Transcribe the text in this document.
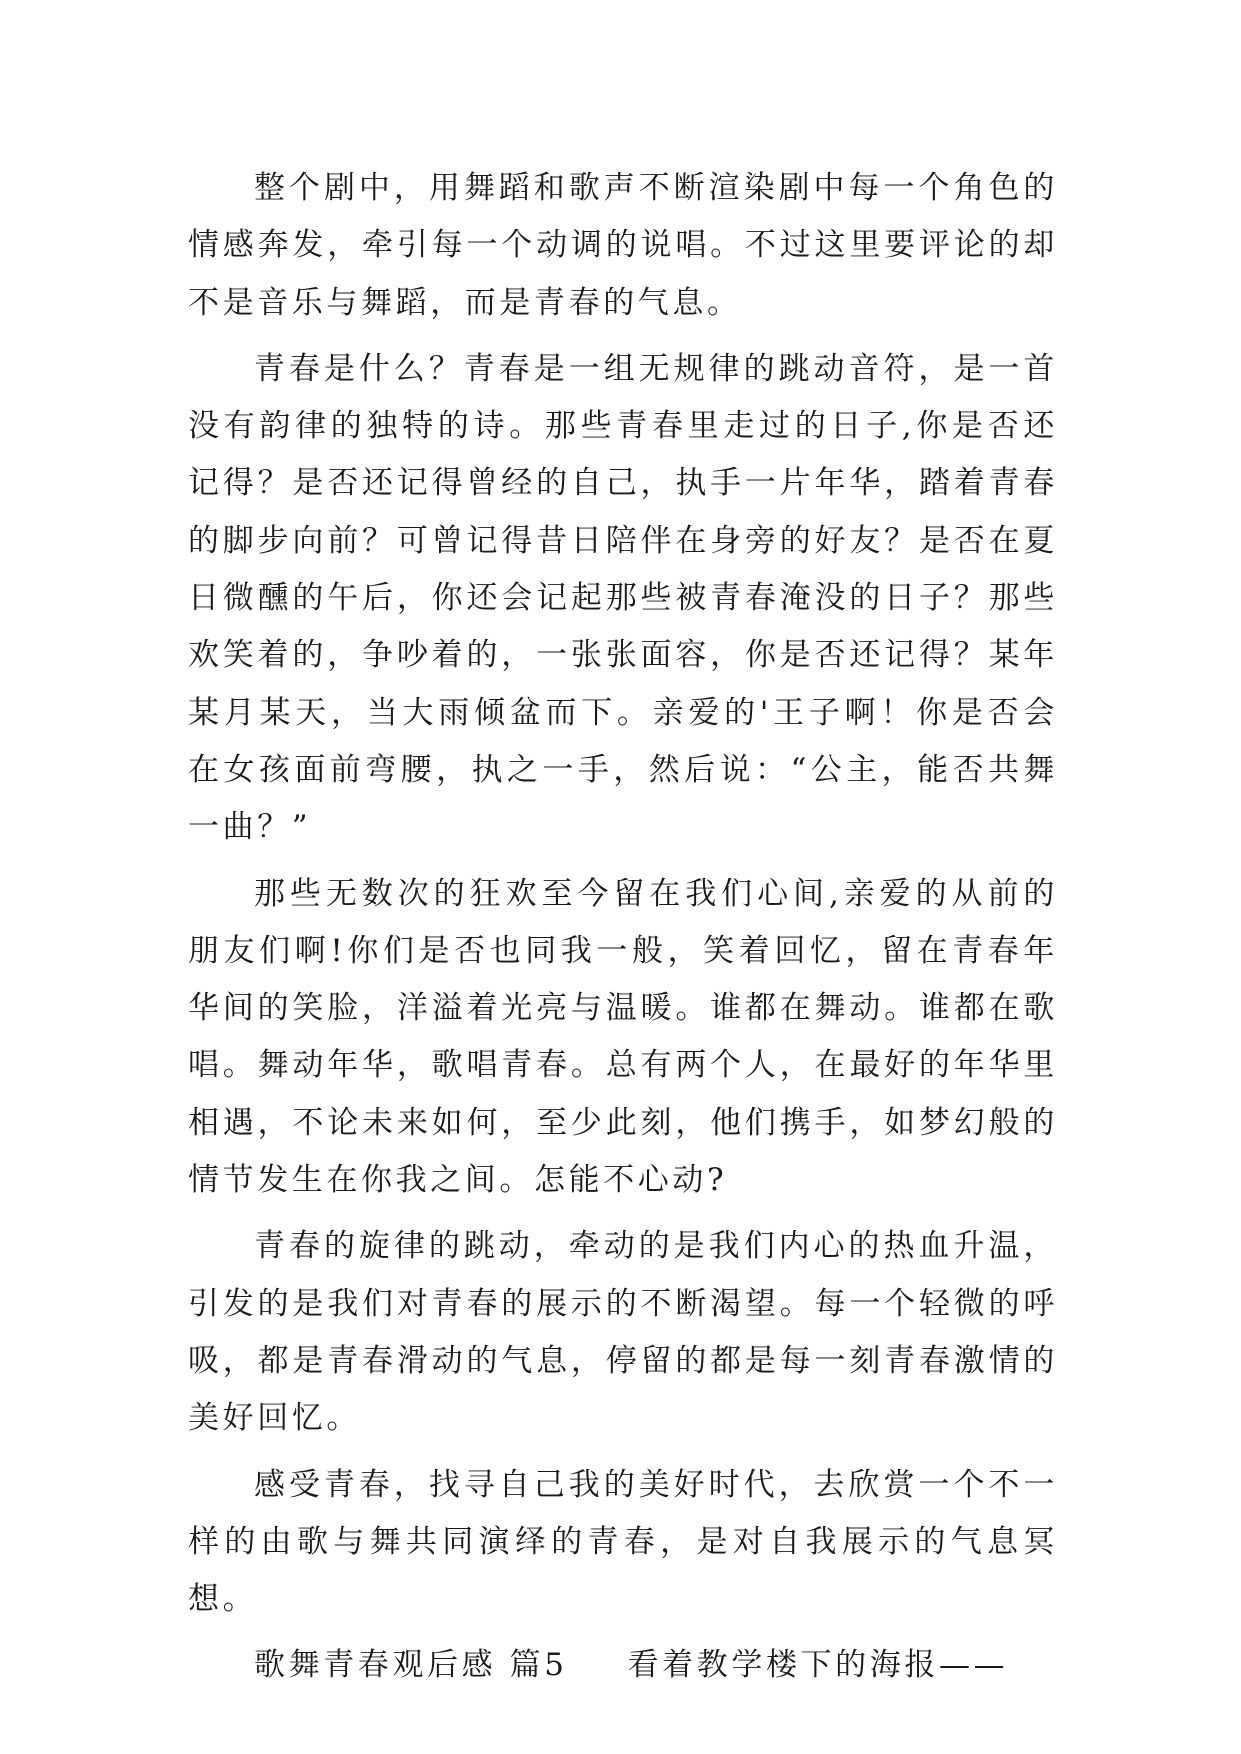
整个剧中，用舞蹈和歌声不断渲染剧中每一个角色的情感奔发，牵引每一个动调的说唱。不过这里要评论的却不是音乐与舞蹈，而是青春的气息。

青春是什么？青春是一组无规律的跳动音符，是一首没有韵律的独特的诗。那些青春里走过的日子,你是否还记得？是否还记得曾经的自己，执手一片年华，踏着青春的脚步向前？可曾记得昔日陪伴在身旁的好友？是否在夏日微醺的午后，你还会记起那些被青春淹没的日子？那些欢笑着的，争吵着的，一张张面容，你是否还记得？某年某月某天，当大雨倾盆而下。亲爱的'王子啊！你是否会在女孩面前弯腰，执之一手，然后说：“公主，能否共舞一曲？”

那些无数次的狂欢至今留在我们心间,亲爱的从前的朋友们啊!你们是否也同我一般，笑着回忆，留在青春年华间的笑脸，洋溢着光亮与温暖。谁都在舞动。谁都在歌唱。舞动年华，歌唱青春。总有两个人，在最好的年华里相遇，不论未来如何，至少此刻，他们携手，如梦幻般的情节发生在你我之间。怎能不心动?

青春的旋律的跳动，牵动的是我们内心的热血升温，引发的是我们对青春的展示的不断渴望。每一个轻微的呼吸，都是青春滑动的气息，停留的都是每一刻青春激情的美好回忆。

感受青春，找寻自己我的美好时代，去欣赏一个不一样的由歌与舞共同演绎的青春，是对自我展示的气息冥想。

歌舞青春观后感 篇5 看着教学楼下的海报——
